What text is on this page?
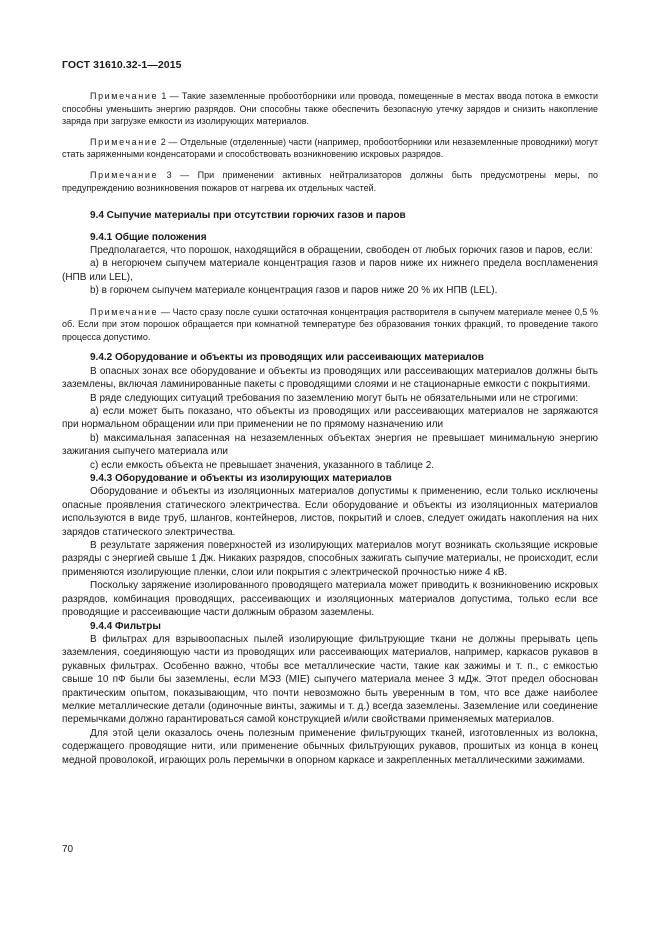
ГОСТ 31610.32-1—2015

Примечание 1 — Такие заземленные пробоотборники или провода, помещенные в местах ввода потока в емкости способны уменьшить энергию разрядов. Они способны также обеспечить безопасную утечку зарядов и снизить накопление заряда при загрузке емкости из изолирующих материалов.

Примечание 2 — Отдельные (отделенные) части (например, пробоотборники или незаземленные проводники) могут стать заряженными конденсаторами и способствовать возникновению искровых разрядов.

Примечание 3 — При применении активных нейтрализаторов должны быть предусмотрены меры, по предупреждению возникновения пожаров от нагрева их отдельных частей.

9.4 Сыпучие материалы при отсутствии горючих газов и паров

9.4.1 Общие положения

Предполагается, что порошок, находящийся в обращении, свободен от любых горючих газов и паров, если:

а) в негорючем сыпучем материале концентрация газов и паров ниже их нижнего предела воспламенения (НПВ или LEL),

b) в горючем сыпучем материале концентрация газов и паров ниже 20 % их НПВ (LEL).

Примечание — Часто сразу после сушки остаточная концентрация растворителя в сыпучем материале менее 0,5 % об. Если при этом порошок обращается при комнатной температуре без образования тонких фракций, то проведение такого процесса допустимо.

9.4.2 Оборудование и объекты из проводящих или рассеивающих материалов

В опасных зонах все оборудование и объекты из проводящих или рассеивающих материалов должны быть заземлены, включая ламинированные пакеты с проводящими слоями и не стационарные емкости с покрытиями.

В ряде следующих ситуаций требования по заземлению могут быть не обязательными или не строгими:

а) если может быть показано, что объекты из проводящих или рассеивающих материалов не заряжаются при нормальном обращении или при применении не по прямому назначению или

b) максимальная запасенная на незаземленных объектах энергия не превышает минимальную энергию зажигания сыпучего материала или

с) если емкость объекта не превышает значения, указанного в таблице 2.

9.4.3 Оборудование и объекты из изолирующих материалов

Оборудование и объекты из изоляционных материалов допустимы к применению, если только исключены опасные проявления статического электричества. Если оборудование и объекты из изоляционных материалов используются в виде труб, шлангов, контейнеров, листов, покрытий и слоев, следует ожидать накопления на них зарядов статического электричества.

В результате заряжения поверхностей из изолирующих материалов могут возникать скользящие искровые разряды с энергией свыше 1 Дж. Никаких разрядов, способных зажигать сыпучие материалы, не происходит, если применяются изолирующие пленки, слои или покрытия с электрической прочностью ниже 4 кВ.

Поскольку заряжение изолированного проводящего материала может приводить к возникновению искровых разрядов, комбинация проводящих, рассеивающих и изоляционных материалов допустима, только если все проводящие и рассеивающие части должным образом заземлены.

9.4.4 Фильтры

В фильтрах для взрывоопасных пылей изолирующие фильтрующие ткани не должны прерывать цепь заземления, соединяющую части из проводящих или рассеивающих материалов, например, каркасов рукавов в рукавных фильтрах. Особенно важно, чтобы все металлические части, такие как зажимы и т. п., с емкостью свыше 10 пФ были бы заземлены, если МЭЗ (MIE) сыпучего материала менее 3 мДж. Этот предел обоснован практическим опытом, показывающим, что почти невозможно быть уверенным в том, что все даже наиболее мелкие металлические детали (одиночные винты, зажимы и т. д.) всегда заземлены. Заземление или соединение перемычками должно гарантироваться самой конструкцией и/или свойствами применяемых материалов.

Для этой цели оказалось очень полезным применение фильтрующих тканей, изготовленных из волокна, содержащего проводящие нити, или применение обычных фильтрующих рукавов, прошитых из конца в конец медной проволокой, играющих роль перемычки в опорном каркасе и закрепленных металлическими зажимами.

70
